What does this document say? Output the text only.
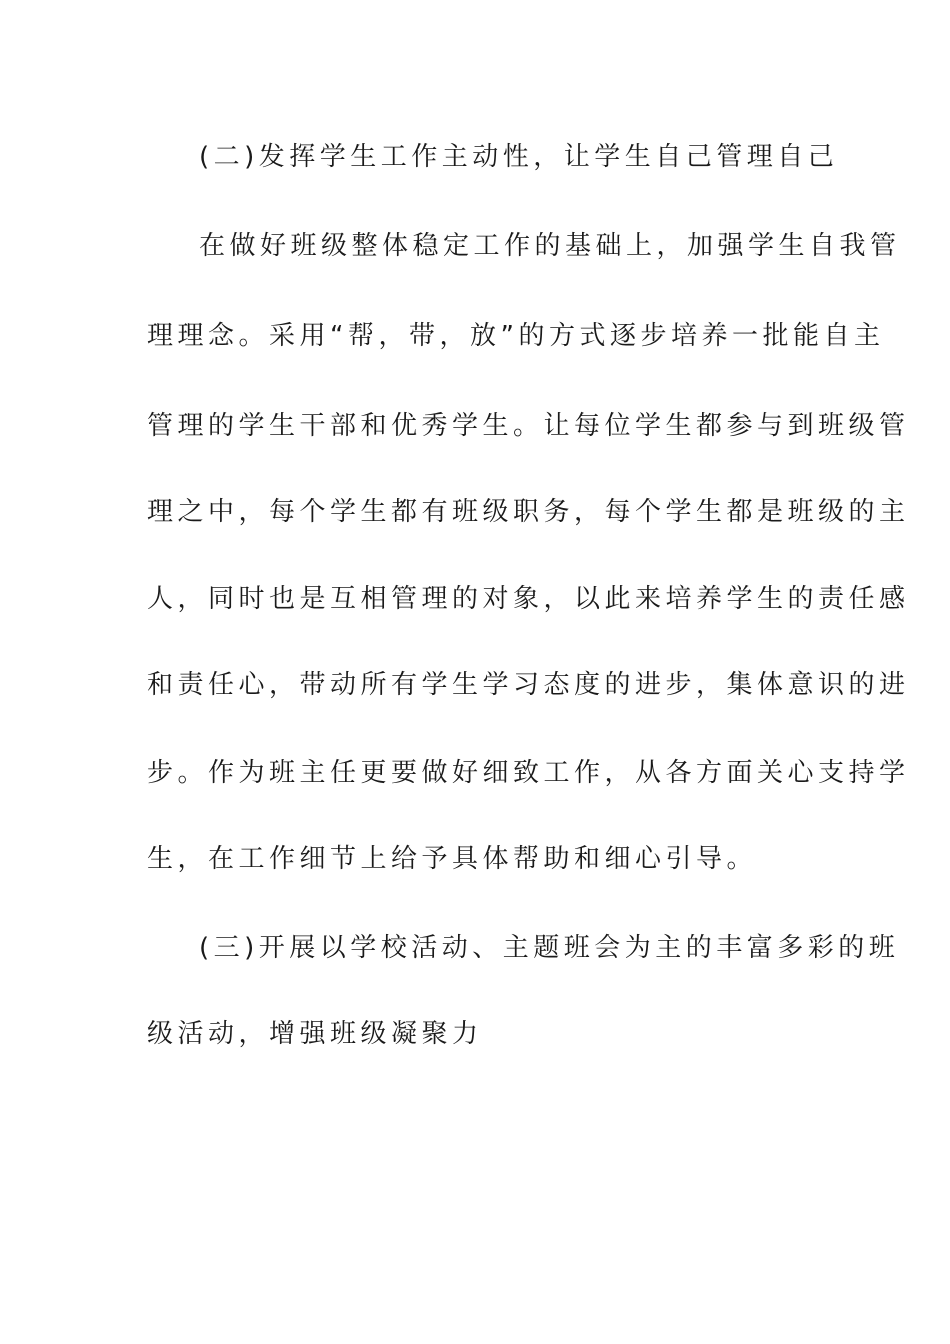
(二)发挥学生工作主动性，让学生自己管理自己
在做好班级整体稳定工作的基础上，加强学生自我管
理理念。采用“帮，带，放”的方式逐步培养一批能自主
管理的学生干部和优秀学生。让每位学生都参与到班级管
理之中，每个学生都有班级职务，每个学生都是班级的主
人，同时也是互相管理的对象，以此来培养学生的责任感
和责任心，带动所有学生学习态度的进步，集体意识的进
步。作为班主任更要做好细致工作，从各方面关心支持学
生，在工作细节上给予具体帮助和细心引导。
(三)开展以学校活动、主题班会为主的丰富多彩的班
级活动，增强班级凝聚力
